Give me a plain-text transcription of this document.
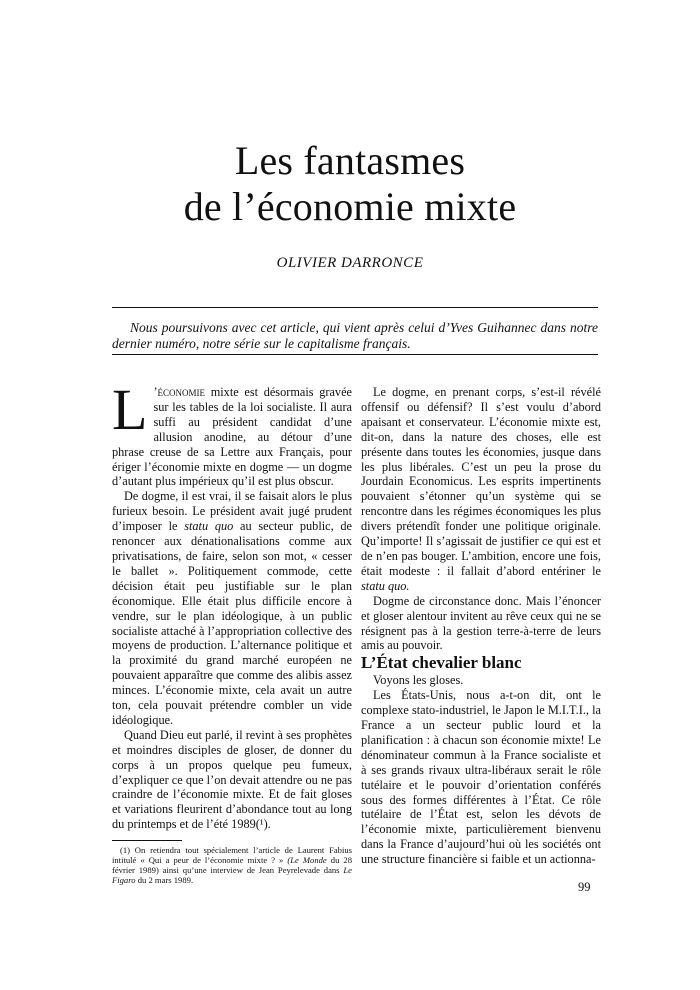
Les fantasmes
de l’économie mixte
OLIVIER DARRONCE
Nous poursuivons avec cet article, qui vient après celui d’Yves Guihannec dans notre dernier numéro, notre série sur le capitalisme français.

L ’économie mixte est désormais gravée sur les tables de la loi socialiste. Il aura suffi au président candidat d’une allusion anodine, au détour d’une phrase creuse de sa Lettre aux Français, pour ériger l’économie mixte en dogme — un dogme d’autant plus impérieux qu’il est plus obscur.

De dogme, il est vrai, il se faisait alors le plus furieux besoin. Le président avait jugé prudent d’imposer le statu quo au secteur public, de renoncer aux dénationalisations comme aux privatisations, de faire, selon son mot, « cesser le ballet ». Politiquement commode, cette décision était peu justifiable sur le plan économique. Elle était plus difficile encore à vendre, sur le plan idéologique, à un public socialiste attaché à l’appropriation collective des moyens de production. L’alternance politique et la proximité du grand marché européen ne pouvaient apparaître que comme des alibis assez minces. L’économie mixte, cela avait un autre ton, cela pouvait prétendre combler un vide idéologique.

Quand Dieu eut parlé, il revint à ses prophètes et moindres disciples de gloser, de donner du corps à un propos quelque peu fumeux, d’expliquer ce que l’on devait attendre ou ne pas craindre de l’économie mixte. Et de fait gloses et variations fleurirent d’abondance tout au long du printemps et de l’été 1989(¹).

(1) On retiendra tout spécialement l’article de Laurent Fabius intitulé « Qui a peur de l’économie mixte ? » (Le Monde du 28 février 1989) ainsi qu’une interview de Jean Peyrelevade dans Le Figaro du 2 mars 1989.

Le dogme, en prenant corps, s’est-il révélé offensif ou défensif? Il s’est voulu d’abord apaisant et conservateur. L’économie mixte est, dit-on, dans la nature des choses, elle est présente dans toutes les économies, jusque dans les plus libérales. C’est un peu la prose du Jourdain Economicus. Les esprits impertinents pouvaient s’étonner qu’un système qui se rencontre dans les régimes économiques les plus divers prétendît fonder une politique originale. Qu’importe! Il s’agissait de justifier ce qui est et de n’en pas bouger. L’ambition, encore une fois, était modeste : il fallait d’abord entériner le statu quo.

Dogme de circonstance donc. Mais l’énoncer et gloser alentour invitent au rêve ceux qui ne se résignent pas à la gestion terre-à-terre de leurs amis au pouvoir.

L’État chevalier blanc

Voyons les gloses.

Les États-Unis, nous a-t-on dit, ont le complexe stato-industriel, le Japon le M.I.T.I., la France a un secteur public lourd et la planification : à chacun son économie mixte! Le dénominateur commun à la France socialiste et à ses grands rivaux ultra-libéraux serait le rôle tutélaire et le pouvoir d’orientation conférés sous des formes différentes à l’État. Ce rôle tutélaire de l’État est, selon les dévots de l’économie mixte, particulièrement bienvenu dans la France d’aujourd’hui où les sociétés ont une structure financière si faible et un actionna-

99
